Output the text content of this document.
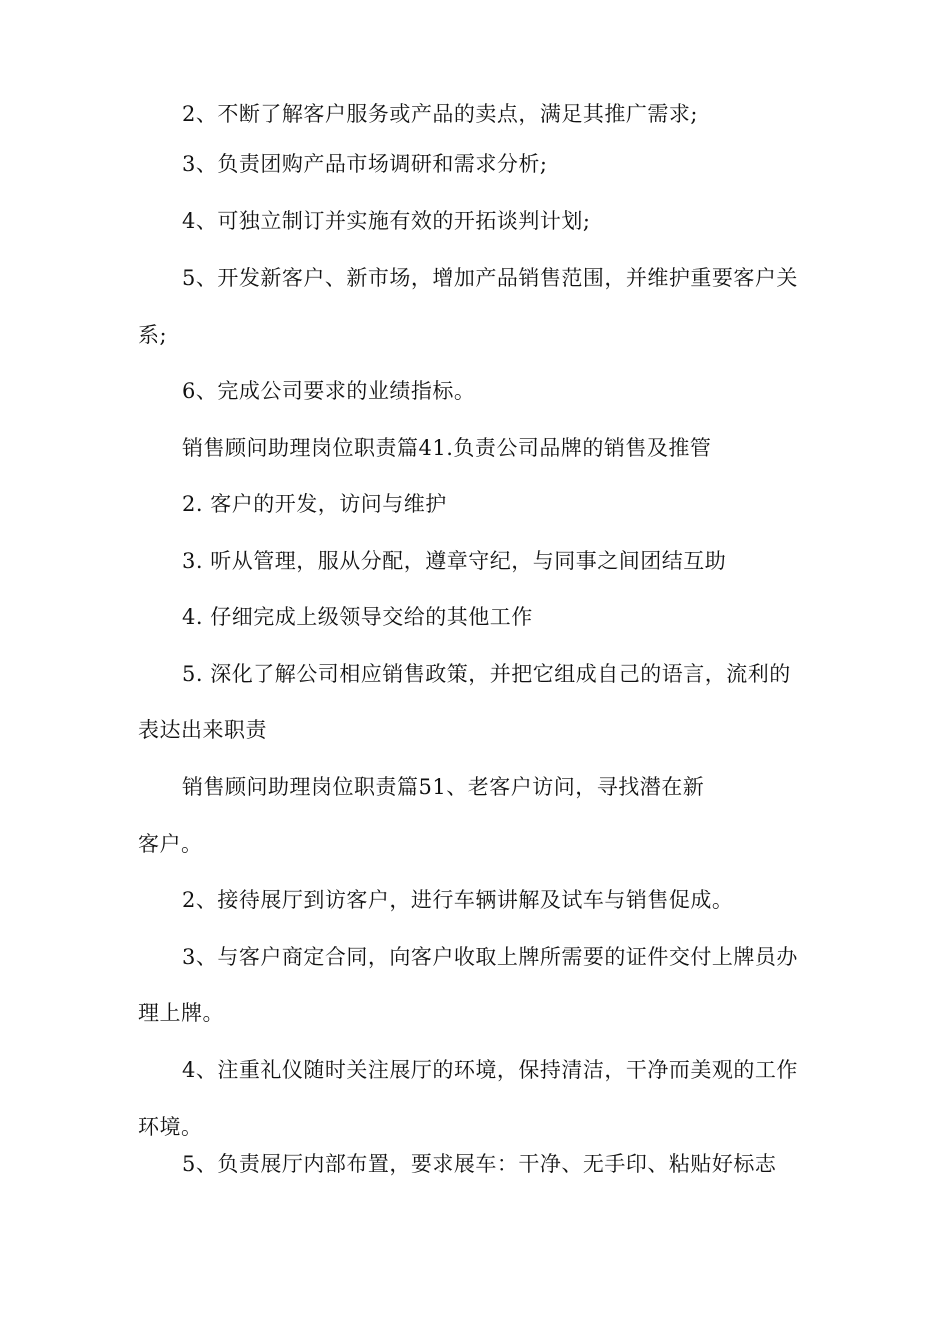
2、不断了解客户服务或产品的卖点，满足其推广需求;
3、负责团购产品市场调研和需求分析;
4、可独立制订并实施有效的开拓谈判计划;
5、开发新客户、新市场，增加产品销售范围，并维护重要客户关
系;
6、完成公司要求的业绩指标。
销售顾问助理岗位职责篇41.负责公司品牌的销售及推管
2. 客户的开发，访问与维护
3. 听从管理，服从分配，遵章守纪，与同事之间团结互助
4. 仔细完成上级领导交给的其他工作
5. 深化了解公司相应销售政策，并把它组成自己的语言，流利的
表达出来职责
销售顾问助理岗位职责篇51、老客户访问，寻找潜在新
客户。
2、接待展厅到访客户，进行车辆讲解及试车与销售促成。
3、与客户商定合同，向客户收取上牌所需要的证件交付上牌员办
理上牌。
4、注重礼仪随时关注展厅的环境，保持清洁，干净而美观的工作
环境。
5、负责展厅内部布置，要求展车：干净、无手印、粘贴好标志
